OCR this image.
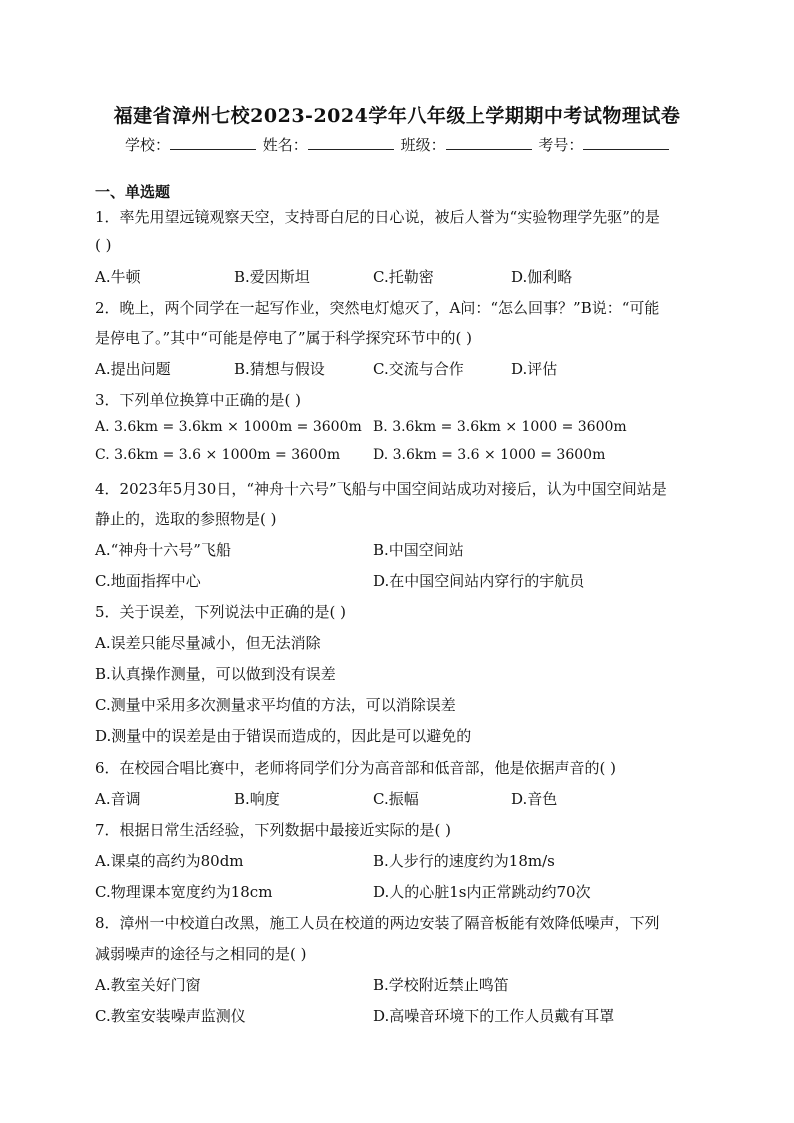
福建省漳州七校2023-2024学年八年级上学期期中考试物理试卷
学校：	姓名：	班级：	考号：
一、单选题
1．率先用望远镜观察天空，支持哥白尼的日心说，被后人誉为“实验物理学先驱”的是
( )
A.牛顿	B.爱因斯坦	C.托勒密	D.伽利略
2．晚上，两个同学在一起写作业，突然电灯熄灭了，A问：“怎么回事？”B说：“可能
是停电了。”其中“可能是停电了”属于科学探究环节中的( )
A.提出问题	B.猜想与假设	C.交流与合作	D.评估
3．下列单位换算中正确的是( )
A. 3.6km = 3.6km × 1000m = 3600m B. 3.6km = 3.6km × 1000 = 3600m
C. 3.6km = 3.6 × 1000m = 3600m D. 3.6km = 3.6 × 1000 = 3600m
4．2023年5月30日，“神舟十六号”飞船与中国空间站成功对接后，认为中国空间站是
静止的，选取的参照物是( )
A.“神舟十六号”飞船	B.中国空间站
C.地面指挥中心	D.在中国空间站内穿行的宇航员
5．关于误差，下列说法中正确的是( )
A.误差只能尽量减小，但无法消除
B.认真操作测量，可以做到没有误差
C.测量中采用多次测量求平均值的方法，可以消除误差
D.测量中的误差是由于错误而造成的，因此是可以避免的
6．在校园合唱比赛中，老师将同学们分为高音部和低音部，他是依据声音的( )
A.音调	B.响度	C.振幅	D.音色
7．根据日常生活经验，下列数据中最接近实际的是( )
A.课桌的高约为80dm	B.人步行的速度约为18m/s
C.物理课本宽度约为18cm	D.人的心脏1s内正常跳动约70次
8．漳州一中校道白改黑，施工人员在校道的两边安装了隔音板能有效降低噪声，下列
减弱噪声的途径与之相同的是( )
A.教室关好门窗	B.学校附近禁止鸣笛
C.教室安装噪声监测仪	D.高噪音环境下的工作人员戴有耳罩
